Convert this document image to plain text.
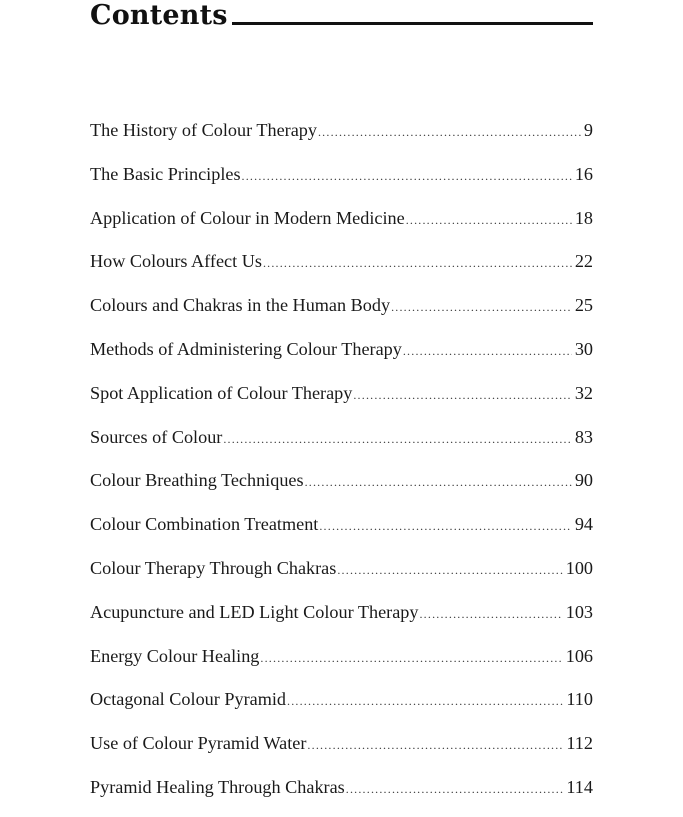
Contents
The History of Colour Therapy .....	9
The Basic Principles .....	16
Application of Colour in Modern Medicine .....	18
How Colours Affect Us .....	22
Colours and Chakras in the Human Body .....	25
Methods of Administering Colour Therapy .....	30
Spot Application of Colour Therapy .....	32
Sources of Colour .....	83
Colour Breathing Techniques .....	90
Colour Combination Treatment .....	94
Colour Therapy Through Chakras .....	100
Acupuncture and LED Light Colour Therapy .....	103
Energy Colour Healing .....	106
Octagonal Colour Pyramid .....	110
Use of Colour Pyramid Water .....	112
Pyramid Healing Through Chakras .....	114
